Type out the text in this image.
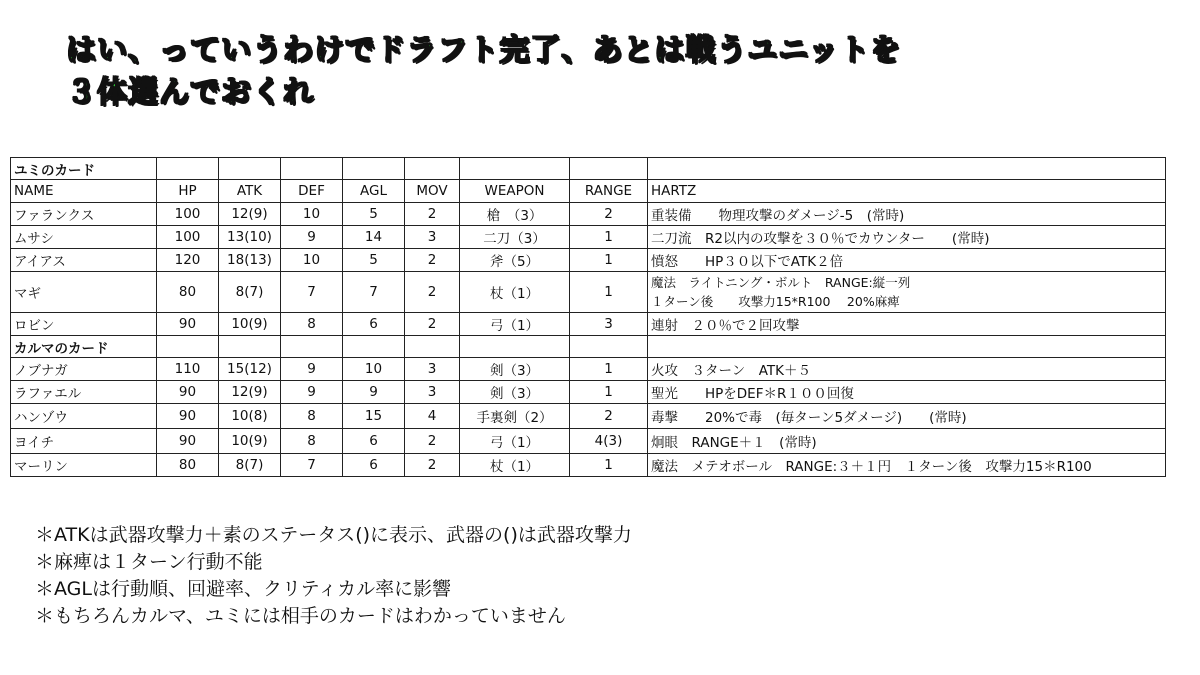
はい、っていうわけでドラフト完了、あとは戦うユニットを
３体選んでおくれ
ユミのカード								
NAME	HP	ATK	DEF	AGL	MOV	WEAPON	RANGE	HARTZ
ファランクス	100	12(9)	10	5	2	槍　（3）	2	重装備　　物理攻撃のダメージ-5　(常時)
ムサシ	100	13(10)	9	14	3	二刀（3）	1	二刀流　R2以内の攻撃を３０％でカウンター　　(常時)
アイアス	120	18(13)	10	5	2	斧（5）	1	憤怒　　HP３０以下でATK２倍
マギ	80	8(7)	7	7	2	杖（1）	1	魔法　ライトニング・ボルト　RANGE:縦一列
１ターン後　　攻撃力15*R100　 20%麻痺

ロビン	90	10(9)	8	6	2	弓（1）	3	連射　２０％で２回攻撃
カルマのカード								
ノブナガ	110	15(12)	9	10	3	剣（3）	1	火攻　３ターン　ATK＋５
ラファエル	90	12(9)	9	9	3	剣（3）	1	聖光　　HPをDEF＊R１００回復
ハンゾウ	90	10(8)	8	15	4	手裏剣（2）	2	毒撃　　20%で毒　(毎ターン5ダメージ)　　(常時)
ヨイチ	90	10(9)	8	6	2	弓（1）	4(3)	炯眼　RANGE＋１　(常時)
マーリン	80	8(7)	7	6	2	杖（1）	1	魔法　メテオボール　RANGE:３＋１円　１ターン後　攻撃力15＊R100
＊ATKは武器攻撃力＋素のステータス()に表示、武器の()は武器攻撃力
＊麻痺は１ターン行動不能
＊AGLは行動順、回避率、クリティカル率に影響
＊もちろんカルマ、ユミには相手のカードはわかっていません
